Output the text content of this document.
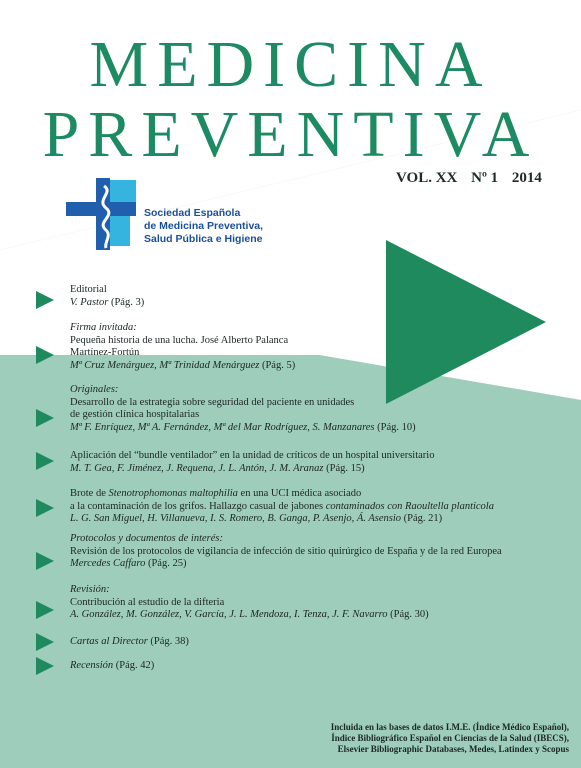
MEDICINA
PREVENTIVA
VOL. XX Nº 1 2014
Sociedad Española
de Medicina Preventiva,
Salud Pública e Higiene
Editorial
V. Pastor (Pág. 3)
Firma invitada:
Pequeña historia de una lucha. José Alberto Palanca
Martínez-Fortún
Mª Cruz Menárguez, Mª Trinidad Menárguez (Pág. 5)
Originales:
Desarrollo de la estrategia sobre seguridad del paciente en unidades
de gestión clínica hospitalarias
Mª F. Enríquez, Mª A. Fernández, Mª del Mar Rodríguez, S. Manzanares (Pág. 10)
Aplicación del “bundle ventilador” en la unidad de críticos de un hospital universitario
M. T. Gea, F. Jiménez, J. Requena, J. L. Antón, J. M. Aranaz (Pág. 15)
Brote de Stenotrophomonas maltophilia en una UCI médica asociado
a la contaminación de los grifos. Hallazgo casual de jabones contaminados con Raoultella planticola
L. G. San Miguel, H. Villanueva, I. S. Romero, B. Ganga, P. Asenjo, Á. Asensio (Pág. 21)
Protocolos y documentos de interés:
Revisión de los protocolos de vigilancia de infección de sitio quirúrgico de España y de la red Europea
Mercedes Caffaro (Pág. 25)
Revisión:
Contribución al estudio de la difteria
A. González, M. González, V. García, J. L. Mendoza, I. Tenza, J. F. Navarro (Pág. 30)
Cartas al Director (Pág. 38)
Recensión (Pág. 42)
Incluida en las bases de datos I.M.E. (Índice Médico Español),
Índice Bibliográfico Español en Ciencias de la Salud (IBECS),
Elsevier Bibliographic Databases, Medes, Latindex y Scopus
